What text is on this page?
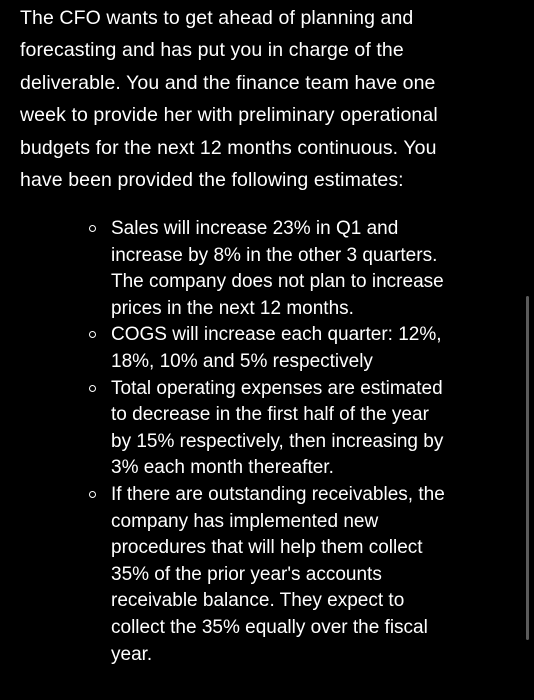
The CFO wants to get ahead of planning and
forecasting and has put you in charge of the
deliverable. You and the finance team have one
week to provide her with preliminary operational
budgets for the next 12 months continuous. You
have been provided the following estimates:

Sales will increase 23% in Q1 and
increase by 8% in the other 3 quarters.
The company does not plan to increase
prices in the next 12 months.
COGS will increase each quarter: 12%,
18%, 10% and 5% respectively
Total operating expenses are estimated
to decrease in the first half of the year
by 15% respectively, then increasing by
3% each month thereafter.
If there are outstanding receivables, the
company has implemented new
procedures that will help them collect
35% of the prior year's accounts
receivable balance. They expect to
collect the 35% equally over the fiscal
year.
